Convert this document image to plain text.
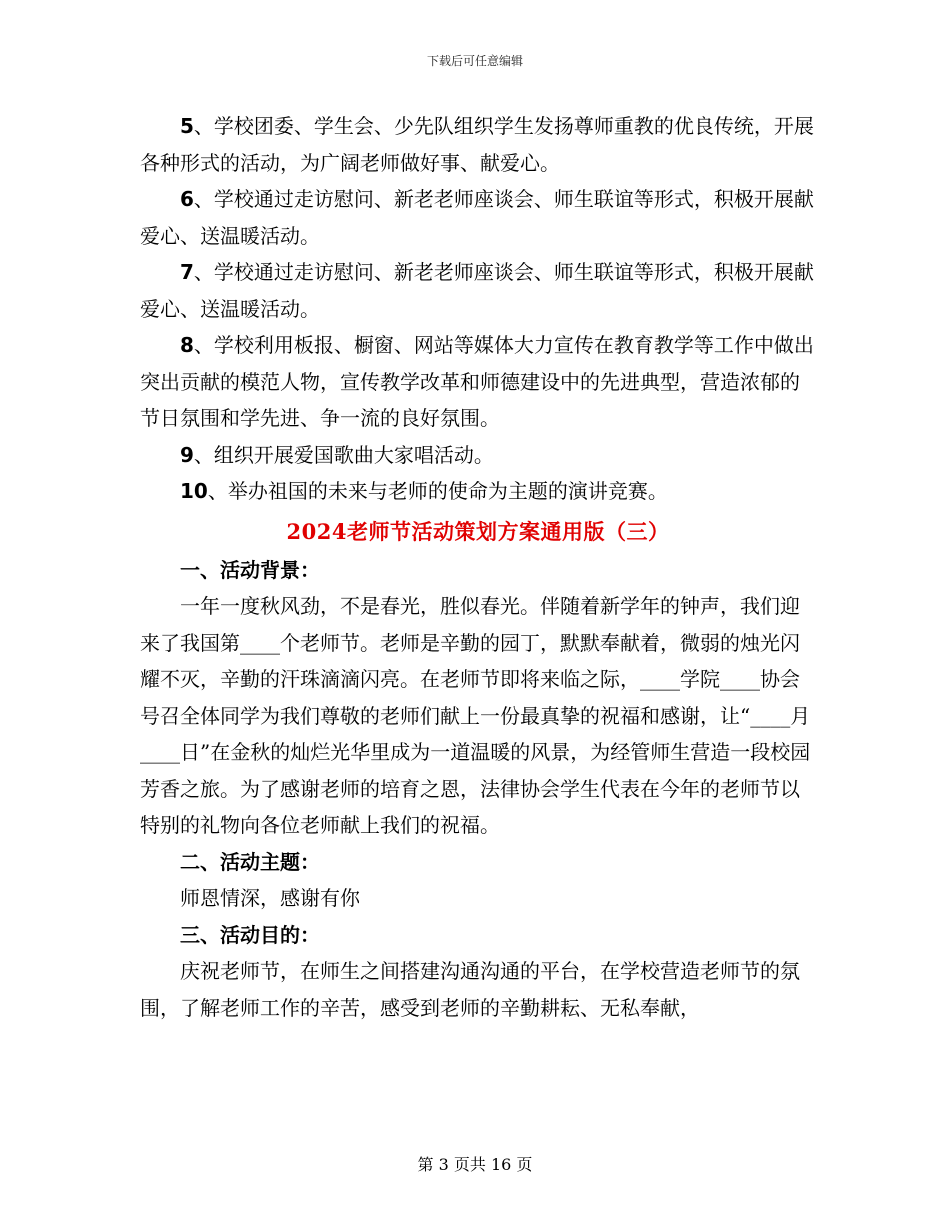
下载后可任意编辑

5、学校团委、学生会、少先队组织学生发扬尊师重教的优良传统，开展各种形式的活动，为广阔老师做好事、献爱心。

6、学校通过走访慰问、新老老师座谈会、师生联谊等形式，积极开展献爱心、送温暖活动。

7、学校通过走访慰问、新老老师座谈会、师生联谊等形式，积极开展献爱心、送温暖活动。

8、学校利用板报、橱窗、网站等媒体大力宣传在教育教学等工作中做出突出贡献的模范人物，宣传教学改革和师德建设中的先进典型，营造浓郁的节日氛围和学先进、争一流的良好氛围。

9、组织开展爱国歌曲大家唱活动。

10、举办祖国的未来与老师的使命为主题的演讲竞赛。

2024老师节活动策划方案通用版（三）
一、活动背景：

一年一度秋风劲，不是春光，胜似春光。伴随着新学年的钟声，我们迎来了我国第____个老师节。老师是辛勤的园丁，默默奉献着，微弱的烛光闪耀不灭，辛勤的汗珠滴滴闪亮。在老师节即将来临之际，____学院____协会号召全体同学为我们尊敬的老师们献上一份最真挚的祝福和感谢，让“____月____日”在金秋的灿烂光华里成为一道温暖的风景，为经管师生营造一段校园芳香之旅。为了感谢老师的培育之恩，法律协会学生代表在今年的老师节以特别的礼物向各位老师献上我们的祝福。

二、活动主题：

师恩情深，感谢有你

三、活动目的：

庆祝老师节，在师生之间搭建沟通沟通的平台，在学校营造老师节的氛围，了解老师工作的辛苦，感受到老师的辛勤耕耘、无私奉献，

第 3 页共 16 页
